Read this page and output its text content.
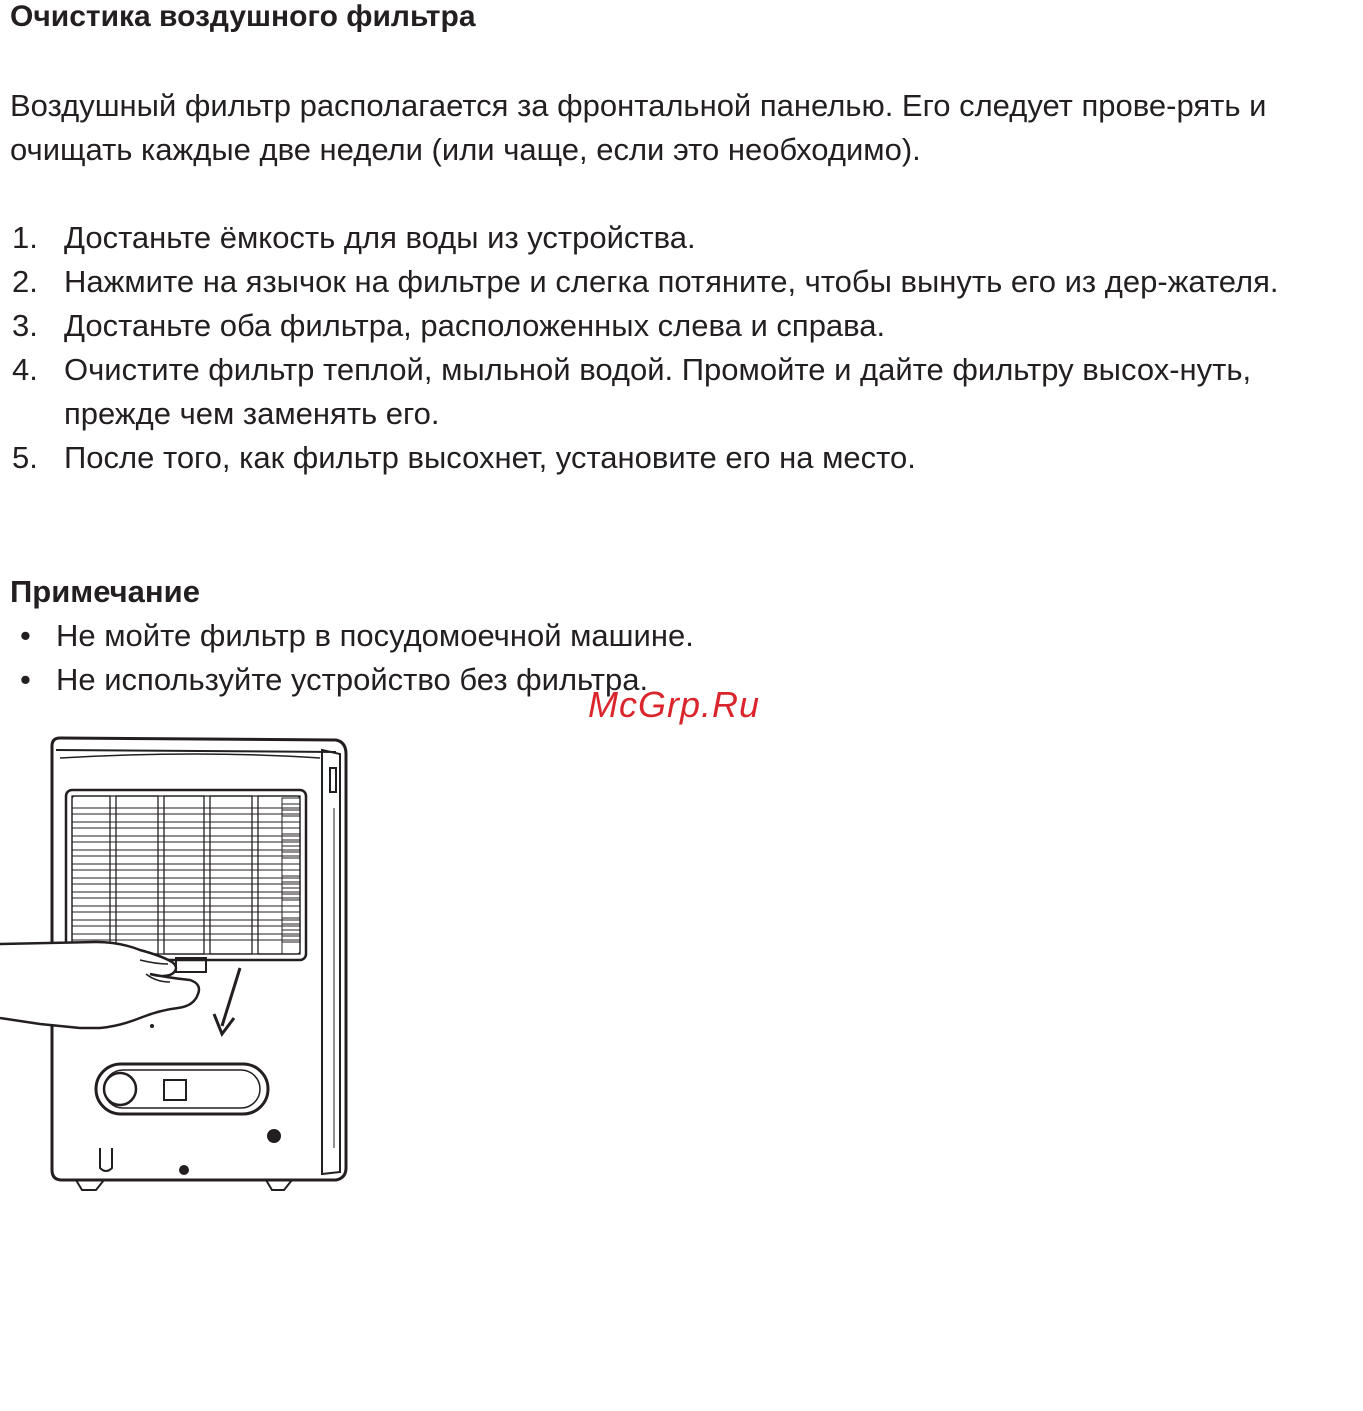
Очистика воздушного фильтра

Воздушный фильтр располагается за фронтальной панелью. Его следует прове-рять и очищать каждые две недели (или чаще, если это необходимо).

1. Достаньте ёмкость для воды из устройства.
2. Нажмите на язычок на фильтре и слегка потяните, чтобы вынуть его из дер-жателя.
3. Достаньте оба фильтра, расположенных слева и справа.
4. Очистите фильтр теплой, мыльной водой. Промойте и дайте фильтру высох-нуть, прежде чем заменять его.
5. После того, как фильтр высохнет, установите его на место.
Примечание
• Не мойте фильтр в посудомоечной машине.
• Не используйте устройство без фильтра.
McGrp.Ru
